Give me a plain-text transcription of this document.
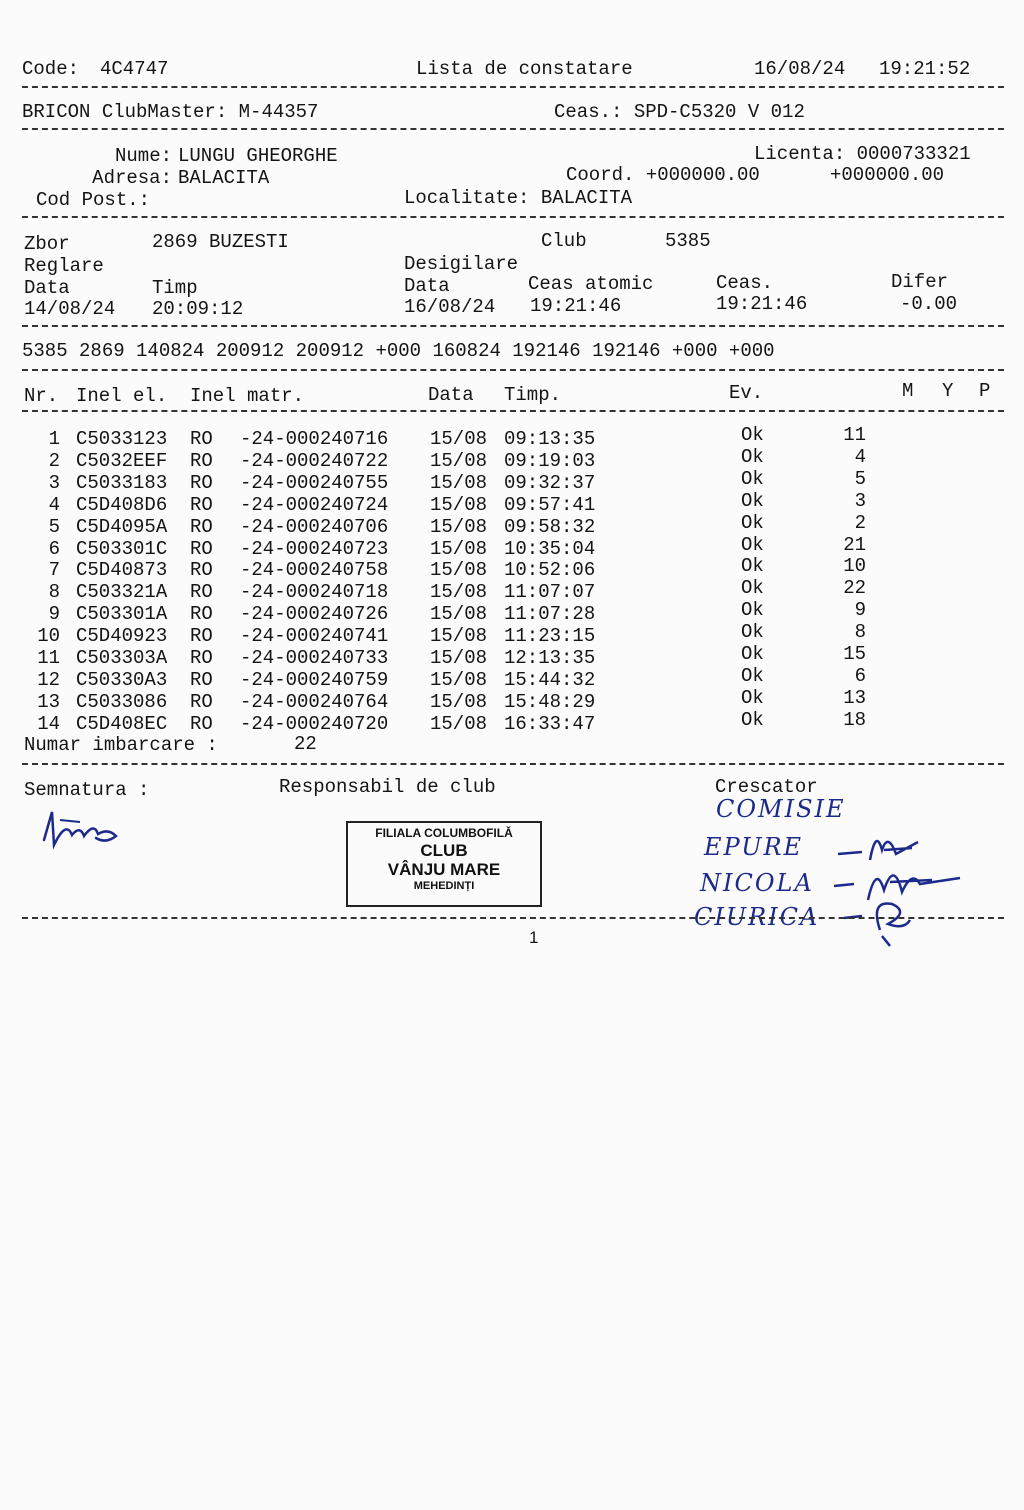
Code: 4C4747	Lista de constatare	16/08/24 19:21:52
BRICON ClubMaster: M-44357	Ceas.: SPD-C5320 V 012
Nume: LUNGU GHEORGHE	Licenta: 0000733321
Adresa: BALACITA	Coord. +000000.00	+000000.00
Cod Post.:	Localitate: BALACITA
Zbor	2869 BUZESTI	Club	5385
Reglare	Desigilare
Data	Timp	Data	Ceas atomic	Ceas.	Difer
14/08/24 20:09:12	16/08/24 19:21:46	19:21:46	-0.00
5385 2869 140824 200912 200912 +000 160824 192146 192146 +000 +000
Nr. Inel el. Inel matr.	Data Timp.	Ev.	M Y P
1 C5033123	RO	-24-000240716	15/08 09:13:35	Ok	11
2 C5032EEF	RO	-24-000240722	15/08 09:19:03	Ok	4
3 C5033183	RO	-24-000240755	15/08 09:32:37	Ok	5
4 C5D408D6	RO	-24-000240724	15/08 09:57:41	Ok	3
5 C5D4095A	RO	-24-000240706	15/08 09:58:32	Ok	2
6 C503301C	RO	-24-000240723	15/08 10:35:04	Ok	21
7 C5D40873	RO	-24-000240758	15/08 10:52:06	Ok	10
8 C503321A	RO	-24-000240718	15/08 11:07:07	Ok	22
9 C503301A	RO	-24-000240726	15/08 11:07:28	Ok	9
10 C5D40923	RO	-24-000240741	15/08 11:23:15	Ok	8
11 C503303A	RO	-24-000240733	15/08 12:13:35	Ok	15
12 C50330A3	RO	-24-000240759	15/08 15:44:32	Ok	6
13 C5033086	RO	-24-000240764	15/08 15:48:29	Ok	13
14 C5D408EC	RO	-24-000240720	15/08 16:33:47	Ok	18
Numar imbarcare :	22
Semnatura :	Responsabil de club	Crescator
FILIALA COLUMBOFILĂ
CLUB
VÂNJU MARE
MEHEDINȚI
COMISIE
EPURE
NICOLA
CIURICA
1
